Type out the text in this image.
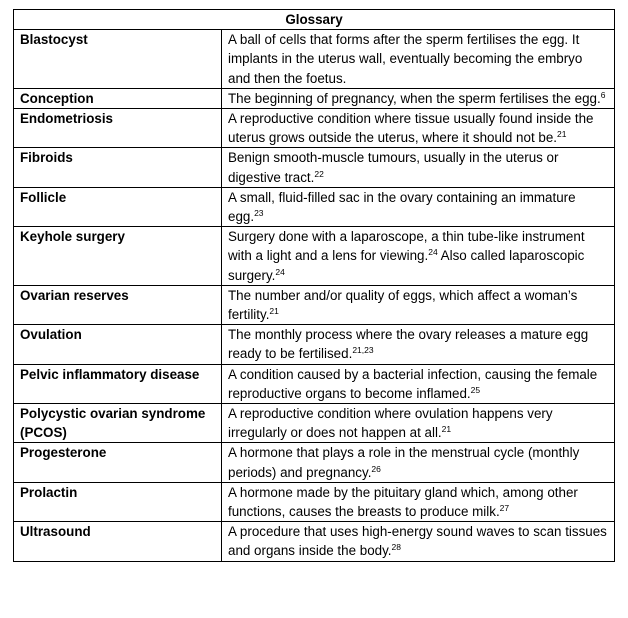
Glossary	
Blastocyst	A ball of cells that forms after the sperm fertilises the egg. It implants in the uterus wall, eventually becoming the embryo and then the foetus.
Conception	The beginning of pregnancy, when the sperm fertilises the egg.$^6$
Endometriosis	A reproductive condition where tissue usually found inside the uterus grows outside the uterus, where it should not be.$^{21}$
Fibroids	Benign smooth-muscle tumours, usually in the uterus or digestive tract.$^{22}$
Follicle	A small, fluid-filled sac in the ovary containing an immature egg.$^{23}$
Keyhole surgery	Surgery done with a laparoscope, a thin tube-like instrument with a light and a lens for viewing.$^{24}$ Also called laparoscopic surgery.$^{24}$
Ovarian reserves	The number and/or quality of eggs, which affect a woman’s fertility.$^{21}$
Ovulation	The monthly process where the ovary releases a mature egg ready to be fertilised.$^{21,23}$
Pelvic inflammatory disease	A condition caused by a bacterial infection, causing the female reproductive organs to become inflamed.$^{25}$
Polycystic ovarian syndrome (PCOS)	A reproductive condition where ovulation happens very irregularly or does not happen at all.$^{21}$
Progesterone	A hormone that plays a role in the menstrual cycle (monthly periods) and pregnancy.$^{26}$
Prolactin	A hormone made by the pituitary gland which, among other functions, causes the breasts to produce milk.$^{27}$
Ultrasound	A procedure that uses high-energy sound waves to scan tissues and organs inside the body.$^{28}$
